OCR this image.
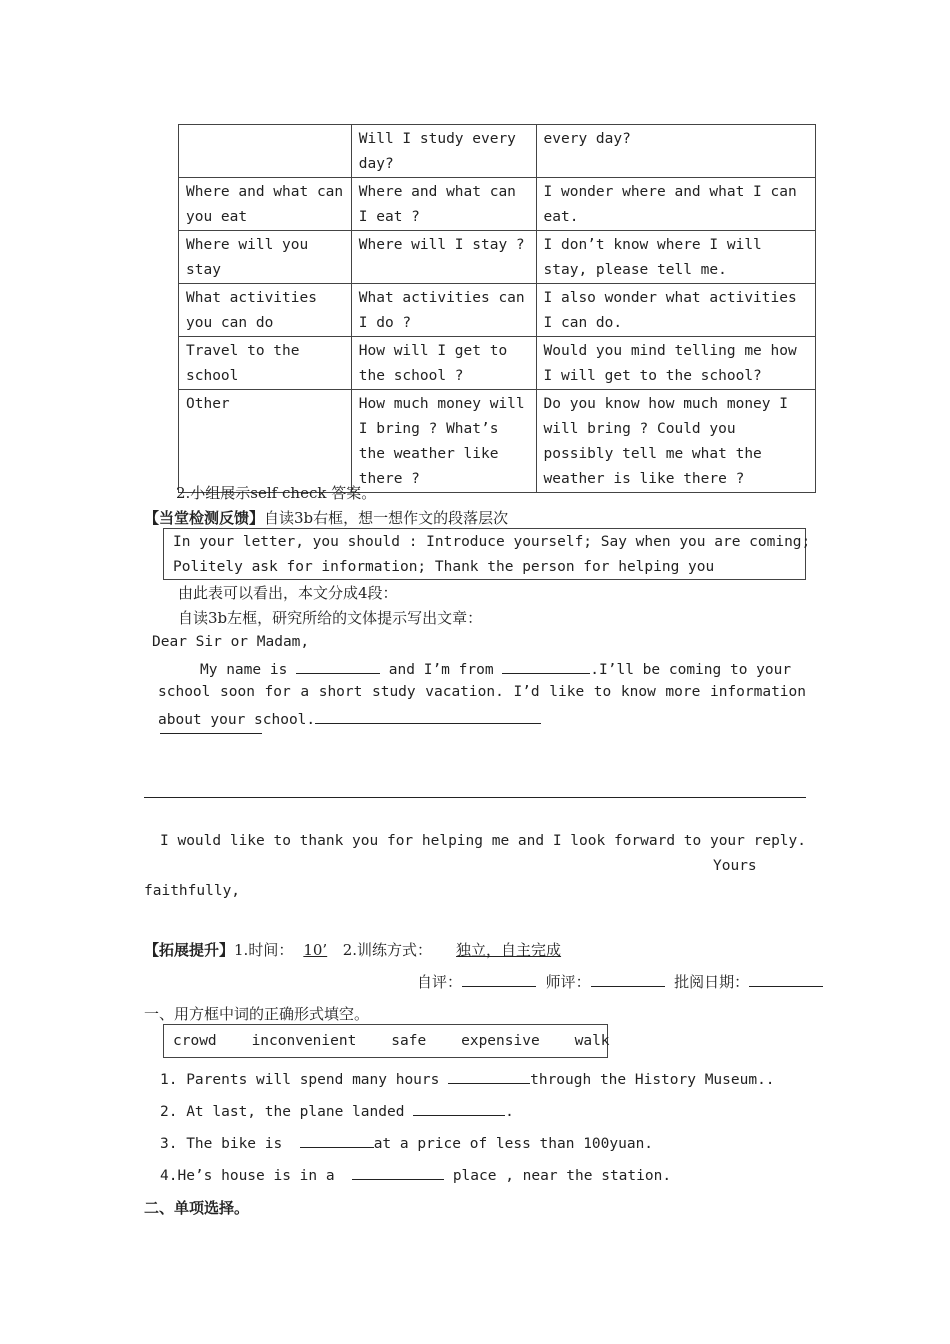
	Will I study every day?	every day?
Where and what can you eat	Where and what can I eat ?	I wonder where and what I can eat.
Where will you stay	Where will I stay ?	I don’t know where I will stay, please tell me.
What activities you can do	What activities can I do ?	I also wonder what activities I can do.
Travel to the school	How will I get to the school ?	Would you mind telling me how I will get to the school?
Other	How much money will I bring ? What’s the weather like there ?	Do you know how much money I will bring ? Could you possibly tell me what the weather is like there ?
2.小组展示self check 答案。
【当堂检测反馈】自读3b右框，想一想作文的段落层次
In your letter, you should : Introduce yourself; Say when you are coming;
Politely ask for information; Thank the person for helping you
由此表可以看出，本文分成4段：
自读3b左框，研究所给的文体提示写出文章：
Dear Sir or Madam,
My name is	and I’m from	.I’ll be coming to your
school soon for a short study vacation. I’d like to know more information
about your school.
I would like to thank you for helping me and I look forward to your reply.
Yours
faithfully,
【拓展提升】1.时间： 10’ 2.训练方式： 独立，自主完成
自评：	师评：	批阅日期：
一、用方框中词的正确形式填空。
crowd inconvenient safe expensive walk
1. Parents will spend many hours	through the History Museum..
2. At last, the plane landed	.
3. The bike is	at a price of less than 100yuan.
4.He’s house is in a	place , near the station.
二、单项选择。
